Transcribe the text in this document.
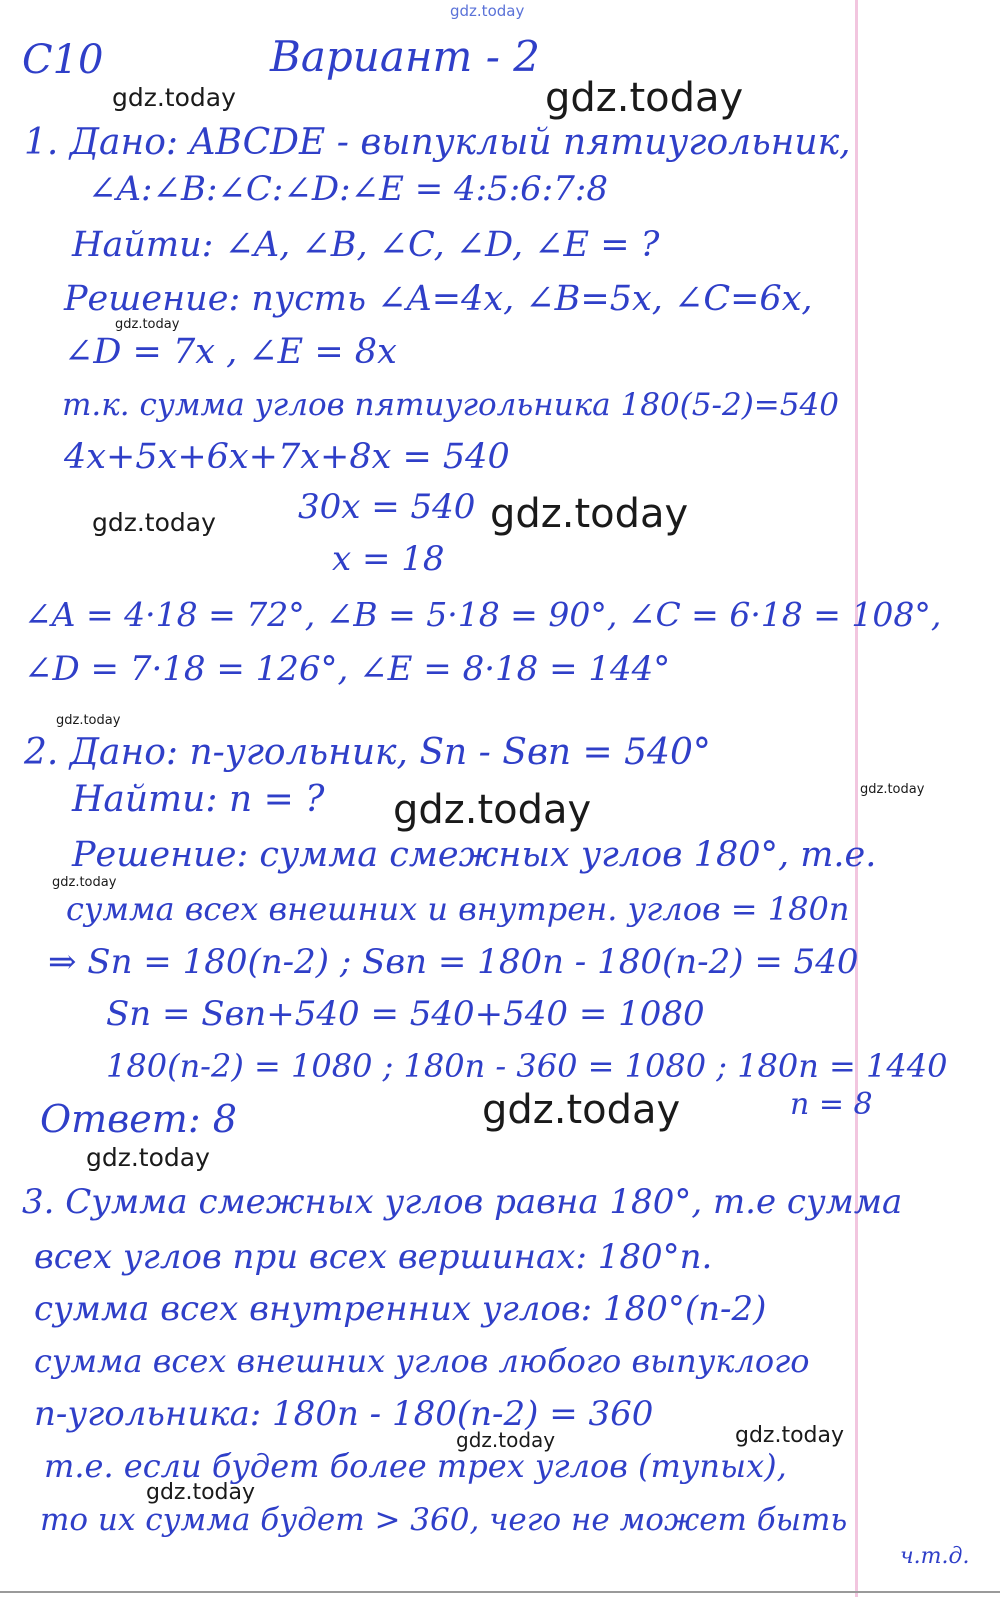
C10	Вариант - 2
1. Дано: ABCDE - выпуклый пятиугольник,
∠A:∠B:∠C:∠D:∠E = 4:5:6:7:8
Найти: ∠A, ∠B, ∠C, ∠D, ∠E = ?
Решение: пусть ∠A=4x, ∠B=5x, ∠C=6x,
∠D = 7x , ∠E = 8x
т.к. сумма углов пятиугольника 180(5-2)=540
4x+5x+6x+7x+8x = 540
30x = 540
x = 18
∠A = 4·18 = 72°, ∠B = 5·18 = 90°, ∠C = 6·18 = 108°,
∠D = 7·18 = 126°, ∠E = 8·18 = 144°
2. Дано: n-угольник, Sn - Sвn = 540°
Найти: n = ?
Решение: сумма смежных углов 180°, т.е.
сумма всех внешних и внутрен. углов = 180n
⇒ Sn = 180(n-2) ; Sвn = 180n - 180(n-2) = 540
Sn = Sвn+540 = 540+540 = 1080
180(n-2) = 1080 ; 180n - 360 = 1080 ; 180n = 1440
n = 8
Ответ: 8
3. Сумма смежных углов равна 180°, т.е сумма
всех углов при всех вершинах: 180°n.
сумма всех внутренних углов: 180°(n-2)
сумма всех внешних углов любого выпуклого
n-угольника: 180n - 180(n-2) = 360
т.е. если будет более трех углов (тупых),
то их сумма будет > 360, чего не может быть
ч.т.д.
gdz.today
gdz.today	gdz.today
gdz.today
gdz.today	gdz.today
gdz.today
gdz.today
gdz.today
gdz.today
gdz.today
gdz.today
gdz.today	gdz.today
gdz.today
